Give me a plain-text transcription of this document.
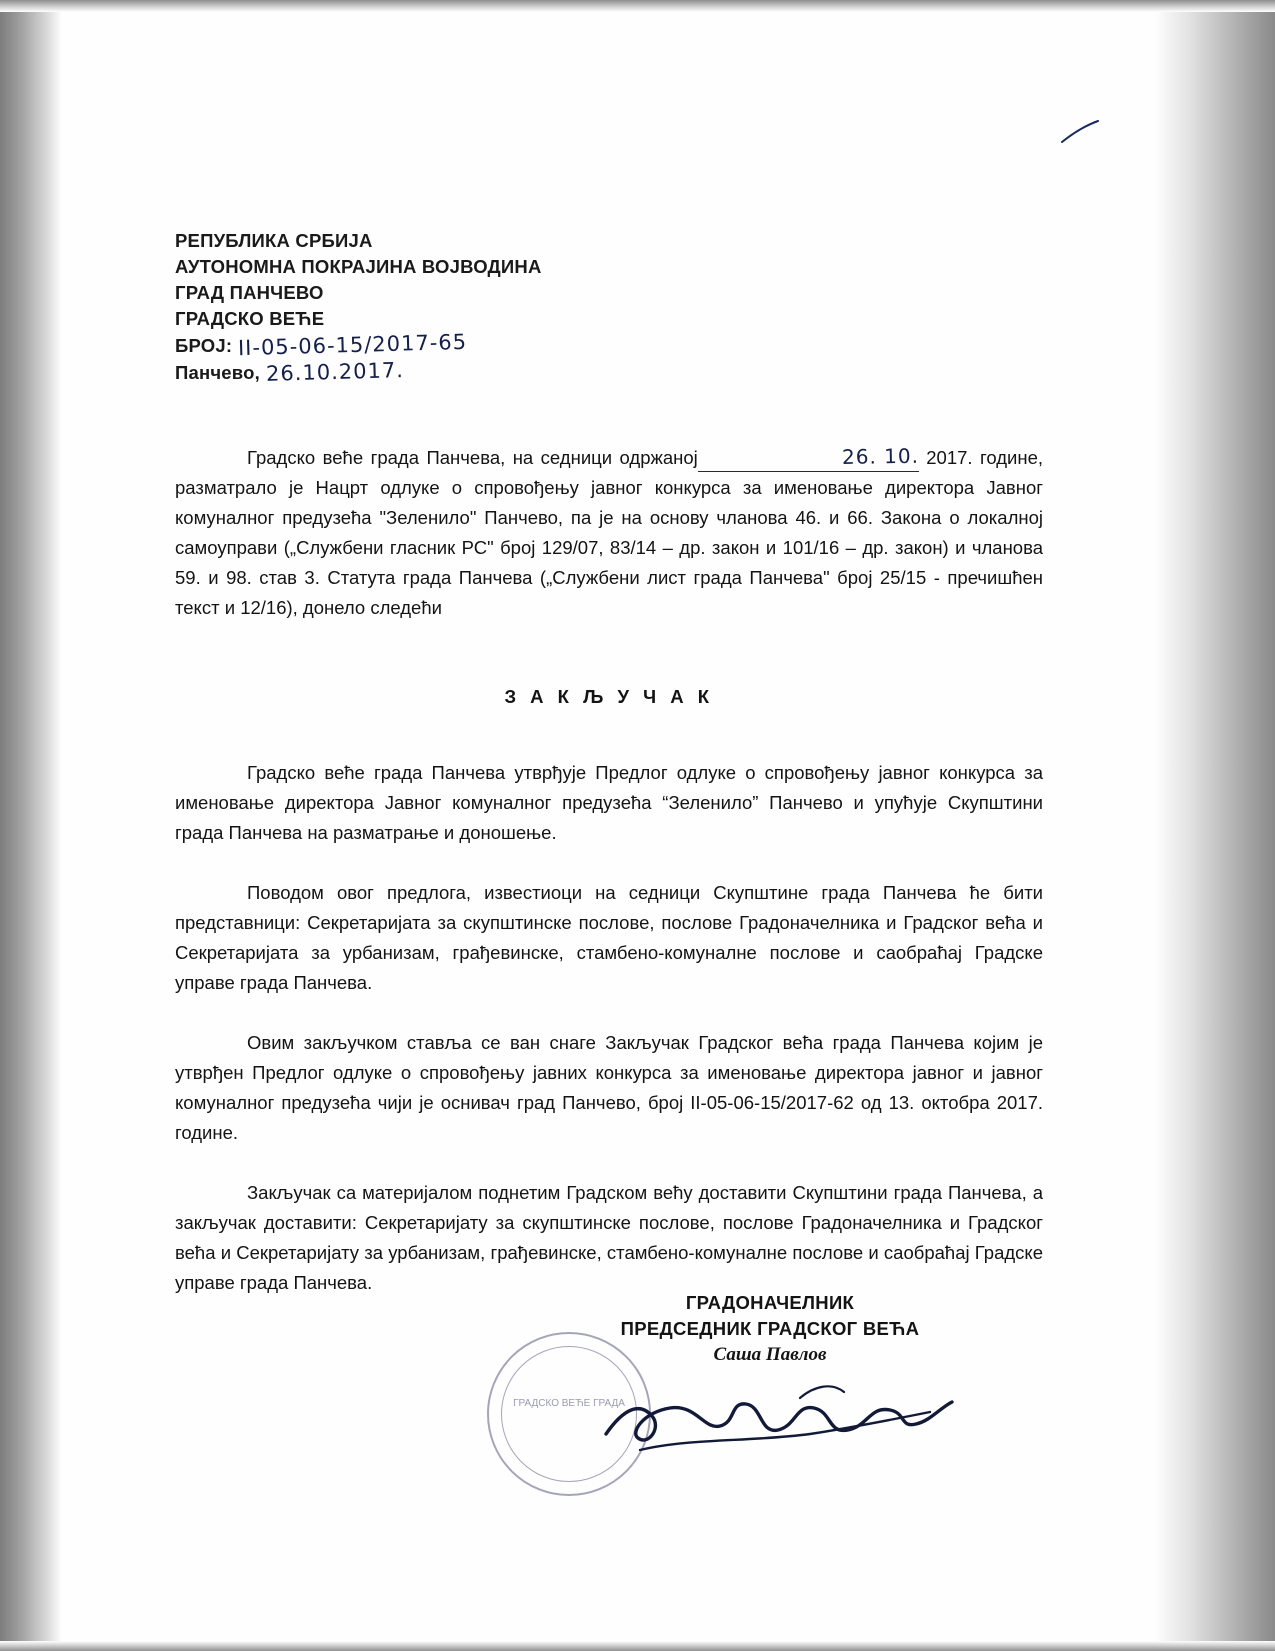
РЕПУБЛИКА СРБИЈА
АУТОНОМНА ПОКРАЈИНА ВОЈВОДИНА
ГРАД ПАНЧЕВО
ГРАДСКО ВЕЋЕ
БРОЈ: II-05-06-15/2017-65
Панчево, 26.10.2017.

Градско веће града Панчева, на седници одржаној	26. 10. 2017. године, разматрало је Нацрт одлуке о спровођењу јавног конкурса за именовање директора Јавног комуналног предузећа "Зеленило" Панчево, па је на основу чланова 46. и 66. Закона о локалној самоуправи („Службени гласник РС" број 129/07, 83/14 – др. закон и 101/16 – др. закон) и чланова 59. и 98. став 3. Статута града Панчева („Службени лист града Панчева" број 25/15 - пречишћен текст и 12/16), донело следећи

З А К Љ У Ч А К

Градско веће града Панчева утврђује Предлог одлуке о спровођењу јавног конкурса за именовање директора Јавног комуналног предузећа “Зеленило” Панчево и упућује Скупштини града Панчева на разматрање и доношење.

Поводом овог предлога, известиоци на седници Скупштине града Панчева ће бити представници: Секретаријата за скупштинске послове, послове Градоначелника и Градског већа и Секретаријата за урбанизам, грађевинске, стамбено-комуналне послове и саобраћај Градске управе града Панчева.

Овим закључком ставља се ван снаге Закључак Градског већа града Панчева којим је утврђен Предлог одлуке о спровођењу јавних конкурса за именовање директора јавног и јавног комуналног предузећа чији је оснивач град Панчево, број II-05-06-15/2017-62 од 13. октобра 2017. године.

Закључак са материјалом поднетим Градском већу доставити Скупштини града Панчева, а закључак доставити: Секретаријату за скупштинске послове, послове Градоначелника и Градског већа и Секретаријату за урбанизам, грађевинске, стамбено-комуналне послове и саобраћај Градске управе града Панчева.

ГРАДОНАЧЕЛНИК
ПРЕДСЕДНИК ГРАДСКОГ ВЕЋА
Саша Павлов
ГРАДСКО ВЕЋЕ ГРАДА
